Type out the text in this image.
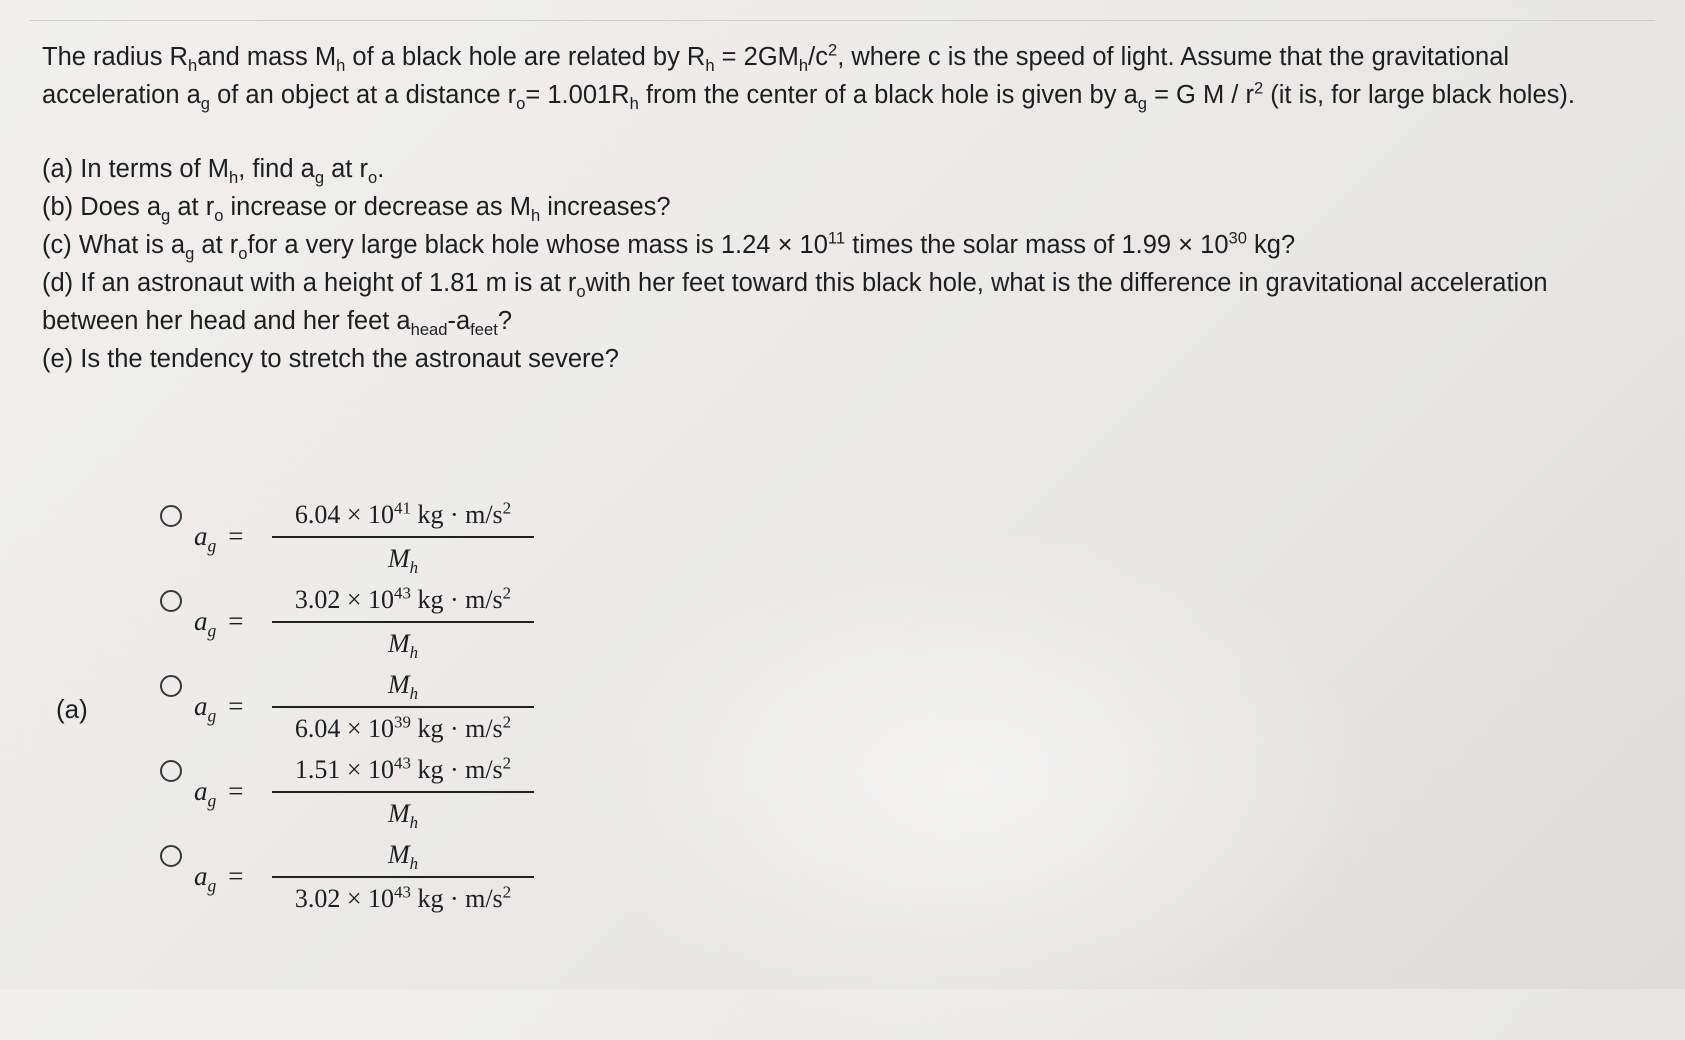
The radius $R_hand$ mass $M_h$ of a black hole are related by $R_h = 2GM_h/c^2$, where c is the speed of light. Assume that the gravitational acceleration $a_g$ of an object at a distance $r_o= 1.001R_h$ from the center of a black hole is given by $a_g = G$ M / $r^2$ (it is, for large black holes).

(a) In terms of $M_h$, find $a_g$ at $r_o$.

(b) Does $a_g$ at $r_o$ increase or decrease as $M_h$ increases?

(c) What is $a_g$ at $r_ofor$ a very large black hole whose mass is $1.24 \times 10^{11}$ times the solar mass of $1.99 \times 10^{30}$ kg?

(d) If an astronaut with a height of 1.81 m is at $r_owith$ her feet toward this black hole, what is the difference in gravitational acceleration between her head and her feet $a_{head}-a_{feet}$?

(e) Is the tendency to stretch the astronaut severe?

(a)
$a_g$ =
$6.04 \times 10^{41}$ kg · $m/s^2$
$M_h$
$a_g$ =
$3.02 \times 10^{43}$ kg · $m/s^2$
$M_h$
$a_g$ =
$M_h$
$6.04 \times 10^{39}$ kg · $m/s^2$
$a_g$ =
$1.51 \times 10^{43}$ kg · $m/s^2$
$M_h$
$a_g$ =
$M_h$
$3.02 \times 10^{43}$ kg · $m/s^2$
